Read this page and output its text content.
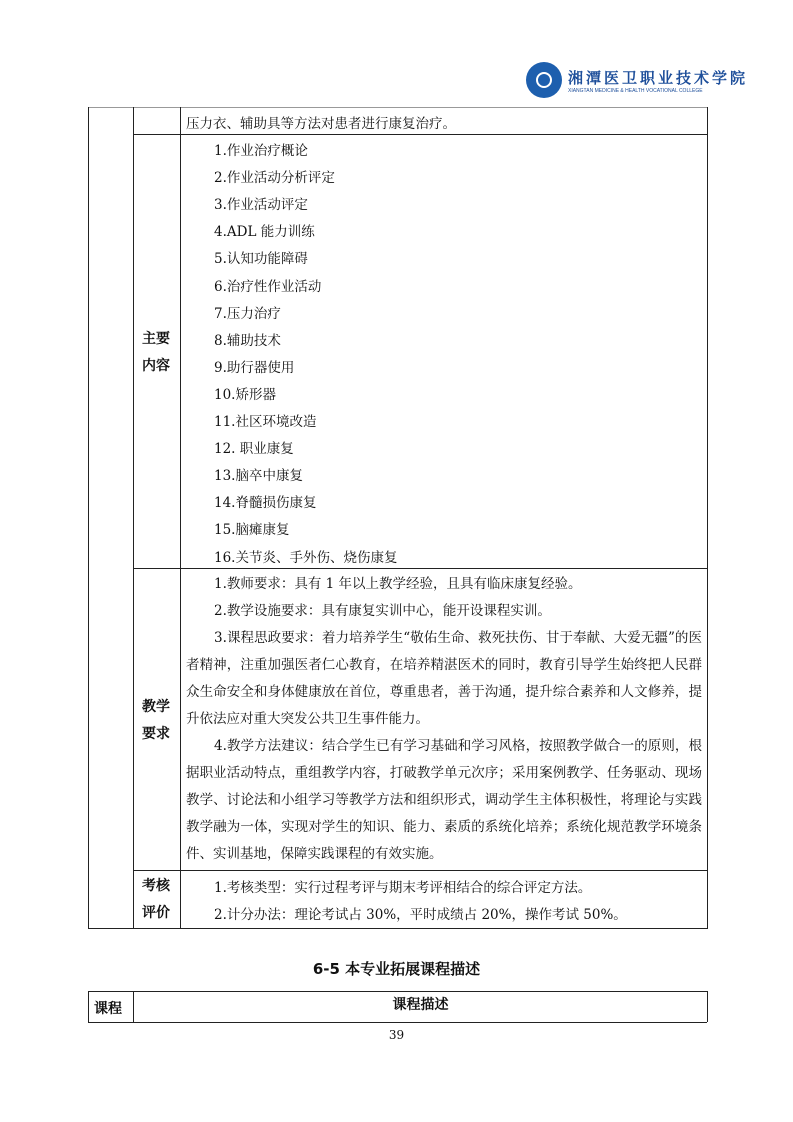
湘潭医卫职业技术学院
XIANGTAN MEDICINE & HEALTH VOCATIONAL COLLEGE
压力衣、辅助具等方法对患者进行康复治疗。
主要
内容
1.作业治疗概论
2.作业活动分析评定
3.作业活动评定
4.ADL 能力训练
5.认知功能障碍
6.治疗性作业活动
7.压力治疗
8.辅助技术
9.助行器使用
10.矫形器
11.社区环境改造
12. 职业康复
13.脑卒中康复
14.脊髓损伤康复
15.脑瘫康复
16.关节炎、手外伤、烧伤康复
教学
要求
1.教师要求：具有 1 年以上教学经验，且具有临床康复经验。
2.教学设施要求：具有康复实训中心，能开设课程实训。
3.课程思政要求：着力培养学生“敬佑生命、救死扶伤、甘于奉献、大爱无疆”的医者精神，注重加强医者仁心教育，在培养精湛医术的同时，教育引导学生始终把人民群众生命安全和身体健康放在首位，尊重患者，善于沟通，提升综合素养和人文修养，提升依法应对重大突发公共卫生事件能力。
4.教学方法建议：结合学生已有学习基础和学习风格，按照教学做合一的原则，根据职业活动特点，重组教学内容，打破教学单元次序；采用案例教学、任务驱动、现场教学、讨论法和小组学习等教学方法和组织形式，调动学生主体积极性，将理论与实践教学融为一体，实现对学生的知识、能力、素质的系统化培养；系统化规范教学环境条件、实训基地，保障实践课程的有效实施。
考核
评价
1.考核类型：实行过程考评与期末考评相结合的综合评定方法。
2.计分办法：理论考试占 30%，平时成绩占 20%，操作考试 50%。
6-5 本专业拓展课程描述
课程	课程描述
39
